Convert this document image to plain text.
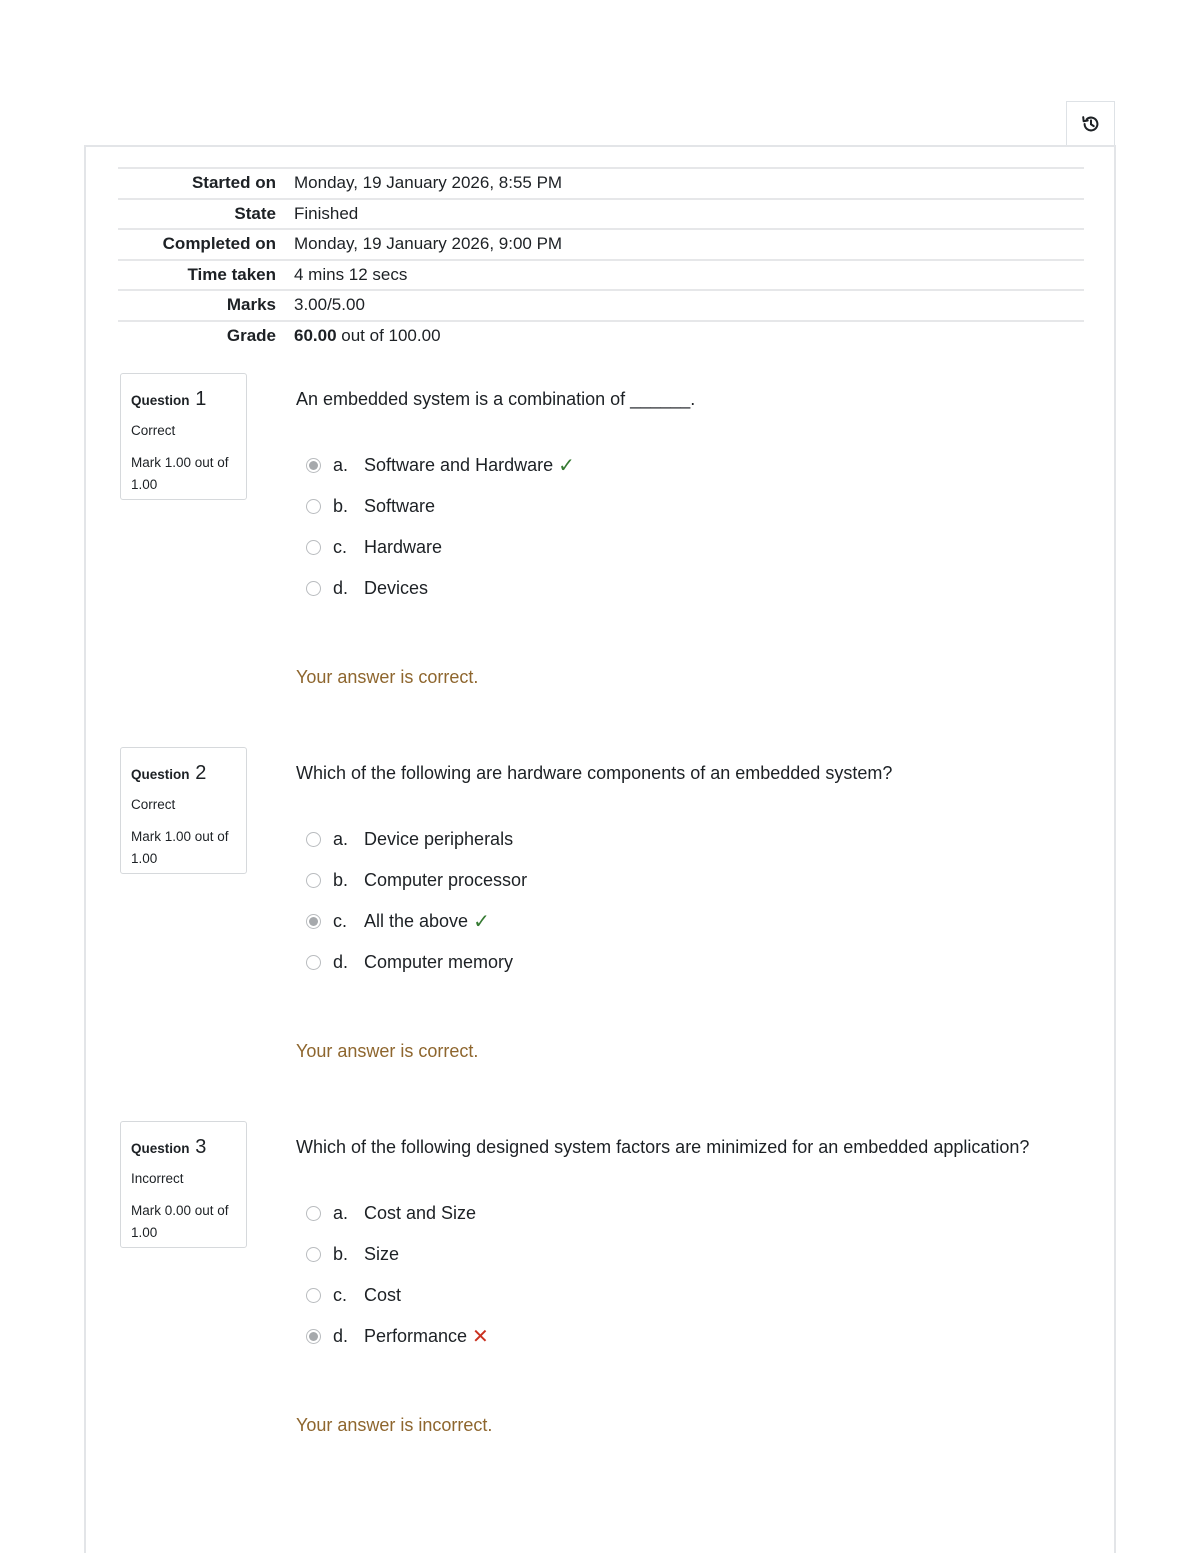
Started on	Monday, 19 January 2026, 8:55 PM
State	Finished
Completed on	Monday, 19 January 2026, 9:00 PM
Time taken	4 mins 12 secs
Marks	3.00/5.00
Grade	60.00 out of 100.00
Question 1
Correct
Mark 1.00 out of 1.00
An embedded system is a combination of ______.
a. Software and Hardware ✓
b. Software
c. Hardware
d. Devices
Your answer is correct.
Question 2
Correct
Mark 1.00 out of 1.00
Which of the following are hardware components of an embedded system?
a. Device peripherals
b. Computer processor
c. All the above ✓
d. Computer memory
Your answer is correct.
Question 3
Incorrect
Mark 0.00 out of 1.00
Which of the following designed system factors are minimized for an embedded application?
a. Cost and Size
b. Size
c. Cost
d. Performance ✕
Your answer is incorrect.
